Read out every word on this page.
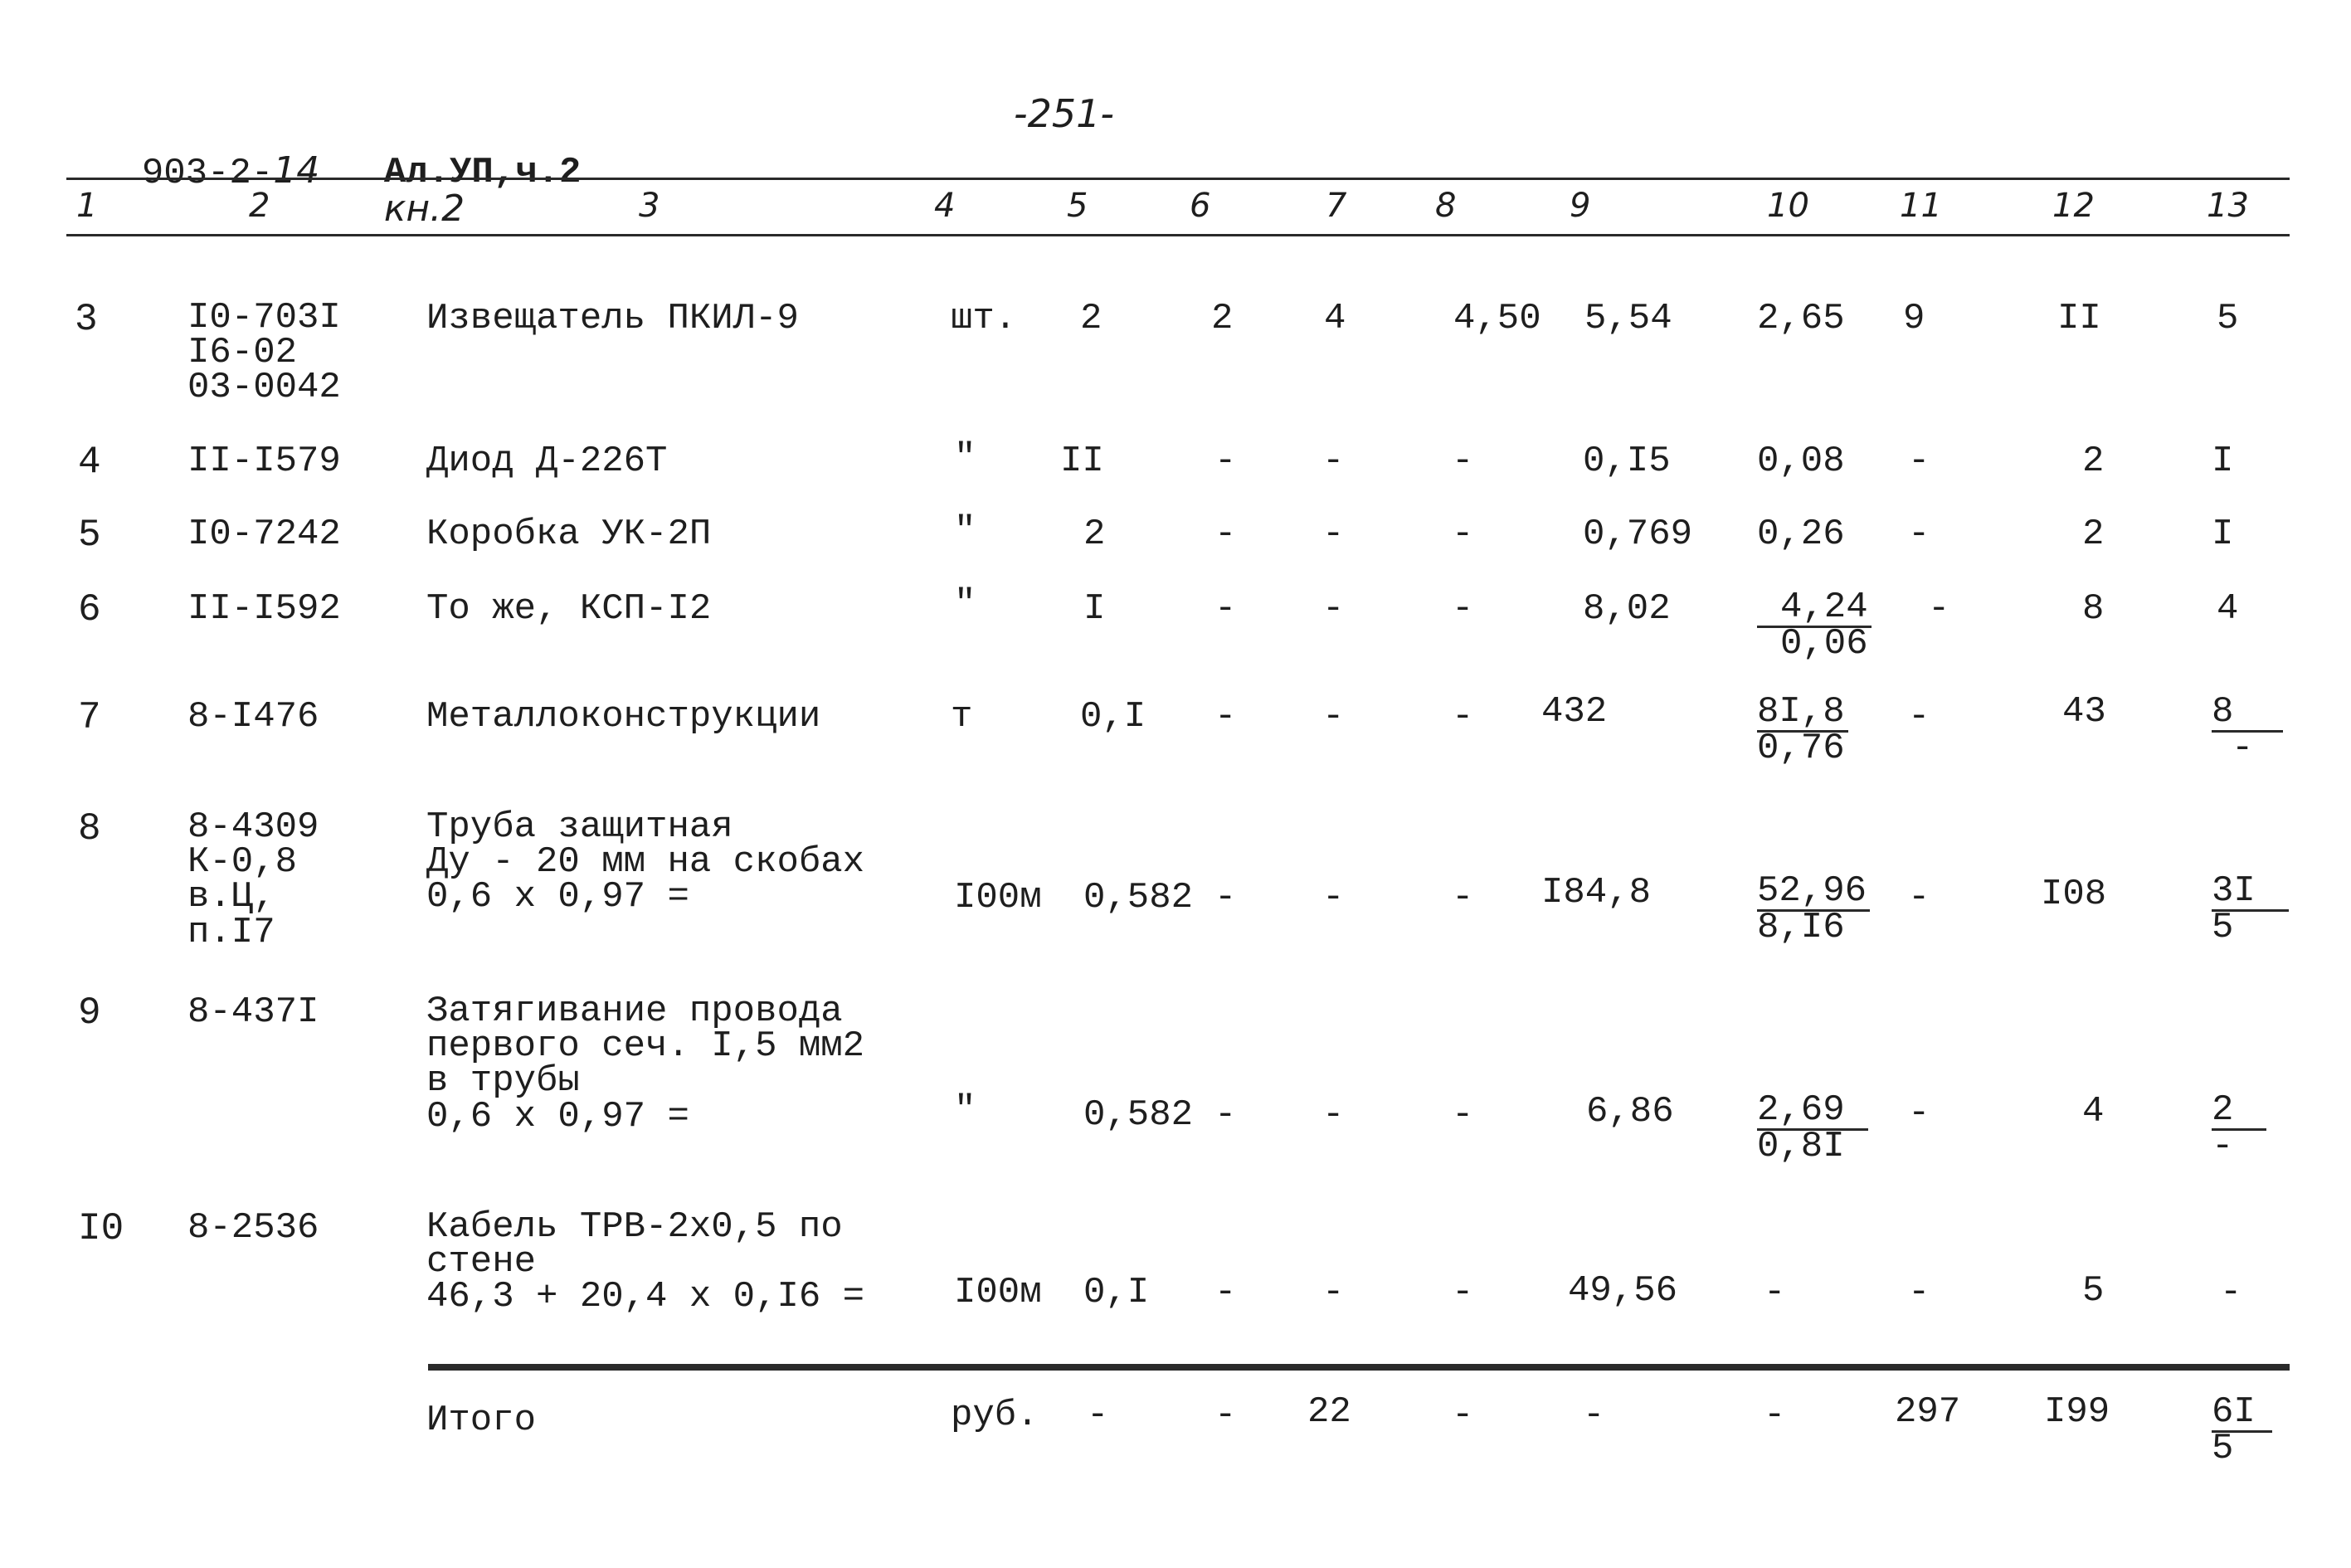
903-2-14	Ал.УП,ч.2
кн.2

-251-
1	2	3	4	5	6	7	8	9	10	11	12	13
3 I0-703I
I6-02
03-0042
Извещатель ПКИЛ-9	шт. 2	2 4	4,50 5,54 2,65 9	II	5
4 II-I579 Диод Д-226Т	" II	- -	-	0,I5 0,08 -	2	I
5 I0-7242 Коробка УК-2П	"	2	- -	-	0,769 0,26 -	2	I
6 II-I592 То же, КСП-I2	"	I	- -	-	$8,02 \frac{4,24}{0,06}$ -	8	4
7 8-I476	Металлоконструкции	т	0,I - -	- 432	$\frac{8I,8}{0,76}$ -	43	8
-
8 8-4309
К-0,8
в.Ц,
п.I7
Труба защитная
Ду - 20 мм на скобах
0,6 х 0,97 =	I00м 0,582 - -	- I84,8	$\frac{52,96}{8,I6}$ -	I08	$\frac{3I}{5}$
9 8-437I	Затягивание провода
первого сеч. I,5 мм2
в трубы
0,6 х 0,97 =	"	0,582 - -	-	$6,86 \frac{2,69}{0,8I}$ -	4	2
-
I0 8-2536	Кабель ТРВ-2х0,5 по
стене
46,3 + 20,4 х 0,I6 = I00м 0,I - -	-	49,56 -	-	5	-
Итого	руб. -	- 22	-	-	-	297 I99	$\frac{6I}{5}$
